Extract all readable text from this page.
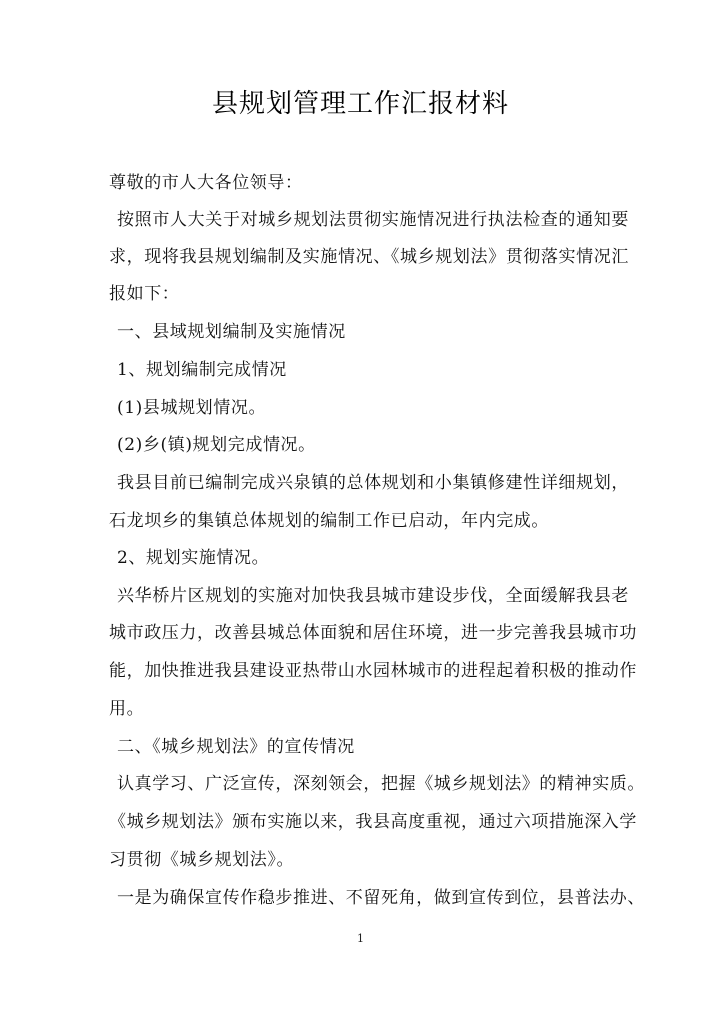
县规划管理工作汇报材料
尊敬的市人大各位领导：
按照市人大关于对城乡规划法贯彻实施情况进行执法检查的通知要
求，现将我县规划编制及实施情况、《城乡规划法》贯彻落实情况汇
报如下：
一、县域规划编制及实施情况
1、规划编制完成情况
(1)县城规划情况。
(2)乡(镇)规划完成情况。
我县目前已编制完成兴泉镇的总体规划和小集镇修建性详细规划，
石龙坝乡的集镇总体规划的编制工作已启动，年内完成。
2、规划实施情况。
兴华桥片区规划的实施对加快我县城市建设步伐，全面缓解我县老
城市政压力，改善县城总体面貌和居住环境，进一步完善我县城市功
能，加快推进我县建设亚热带山水园林城市的进程起着积极的推动作
用。
二、《城乡规划法》的宣传情况
认真学习、广泛宣传，深刻领会，把握《城乡规划法》的精神实质。
《城乡规划法》颁布实施以来，我县高度重视，通过六项措施深入学
习贯彻《城乡规划法》。
一是为确保宣传作稳步推进、不留死角，做到宣传到位，县普法办、
1
